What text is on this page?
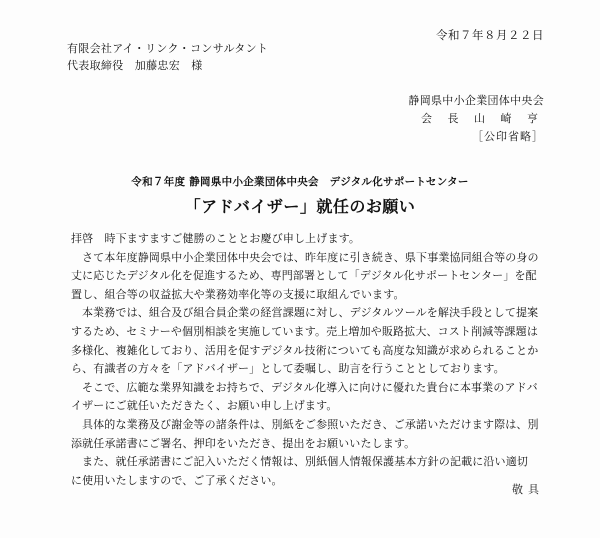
令和７年８月２２日
有限会社アイ・リンク・コンサルタント
代表取締役　加藤忠宏　様
静岡県中小企業団体中央会
会 長 山 崎 亨
［公印省略］
令和７年度 静岡県中小企業団体中央会　デジタル化サポートセンター
「アドバイザー」就任のお願い

拝啓　時下ますますご健勝のこととお慶び申し上げます。

さて本年度静岡県中小企業団体中央会では、昨年度に引き続き、県下事業協同組合等の身の丈に応じたデジタル化を促進するため、専門部署として「デジタル化サポートセンター」を配置し、組合等の収益拡大や業務効率化等の支援に取組んでいます。

本業務では、組合及び組合員企業の経営課題に対し、デジタルツールを解決手段として提案するため、セミナーや個別相談を実施しています。売上増加や販路拡大、コスト削減等課題は多様化、複雑化しており、活用を促すデジタル技術についても高度な知識が求められることから、有識者の方々を「アドバイザー」として委嘱し、助言を行うこととしております。

そこで、広範な業界知識をお持ちで、デジタル化導入に向けに優れた貴台に本事業のアドバイザーにご就任いただきたく、お願い申し上げます。

具体的な業務及び謝金等の諸条件は、別紙をご参照いただき、ご承諾いただけます際は、別添就任承諾書にご署名、押印をいただき、提出をお願いいたします。

また、就任承諾書にご記入いただく情報は、別紙個人情報保護基本方針の記載に沿い適切に使用いたしますので、ご了承ください。

敬具
